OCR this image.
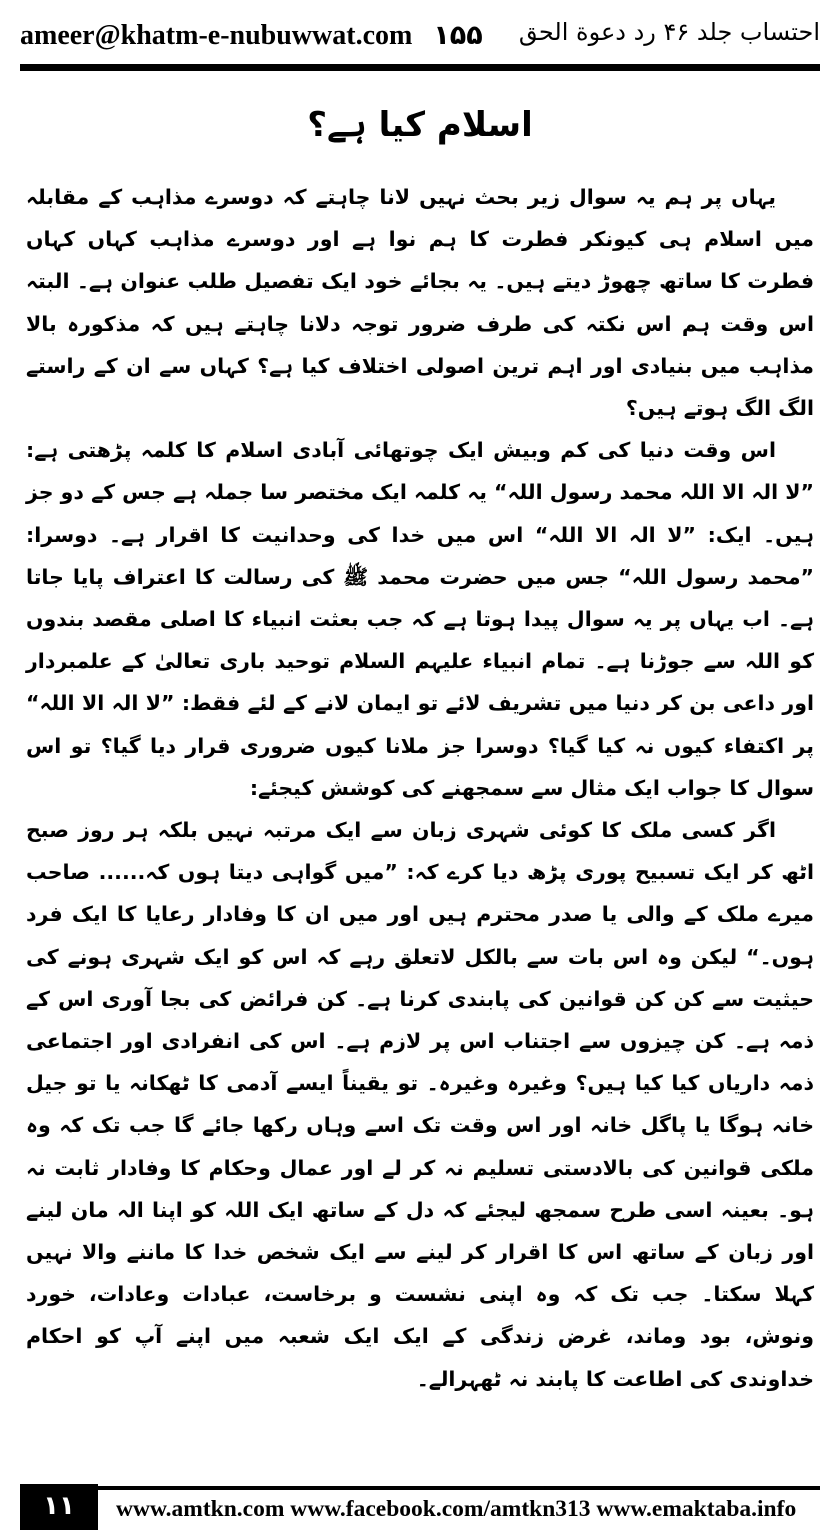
ameer@khatm-e-nubuwwat.com ۱۵۵ احتساب جلد ۴۶ رد دعوة الحق
اسلام کیا ہے؟

یہاں پر ہم یہ سوال زیر بحث نہیں لانا چاہتے کہ دوسرے مذاہب کے مقابلہ میں اسلام ہی کیونکر فطرت کا ہم نوا ہے اور دوسرے مذاہب کہاں کہاں فطرت کا ساتھ چھوڑ دیتے ہیں۔ یہ بجائے خود ایک تفصیل طلب عنوان ہے۔ البتہ اس وقت ہم اس نکتہ کی طرف ضرور توجہ دلانا چاہتے ہیں کہ مذکورہ بالا مذاہب میں بنیادی اور اہم ترین اصولی اختلاف کیا ہے؟ کہاں سے ان کے راستے الگ الگ ہوتے ہیں؟

اس وقت دنیا کی کم وبیش ایک چوتھائی آبادی اسلام کا کلمہ پڑھتی ہے: ”لا الہ الا اللہ محمد رسول اللہ“ یہ کلمہ ایک مختصر سا جملہ ہے جس کے دو جز ہیں۔ ایک: ”لا الہ الا اللہ“ اس میں خدا کی وحدانیت کا اقرار ہے۔ دوسرا: ”محمد رسول اللہ“ جس میں حضرت محمد ﷺ کی رسالت کا اعتراف پایا جاتا ہے۔ اب یہاں پر یہ سوال پیدا ہوتا ہے کہ جب بعثت انبیاء کا اصلی مقصد بندوں کو اللہ سے جوڑنا ہے۔ تمام انبیاء علیہم السلام توحید باری تعالیٰ کے علمبردار اور داعی بن کر دنیا میں تشریف لائے تو ایمان لانے کے لئے فقط: ”لا الہ الا اللہ“ پر اکتفاء کیوں نہ کیا گیا؟ دوسرا جز ملانا کیوں ضروری قرار دیا گیا؟ تو اس سوال کا جواب ایک مثال سے سمجھنے کی کوشش کیجئے:

اگر کسی ملک کا کوئی شہری زبان سے ایک مرتبہ نہیں بلکہ ہر روز صبح اٹھ کر ایک تسبیح پوری پڑھ دیا کرے کہ: ”میں گواہی دیتا ہوں کہ...... صاحب میرے ملک کے والی یا صدر محترم ہیں اور میں ان کا وفادار رعایا کا ایک فرد ہوں۔“ لیکن وہ اس بات سے بالکل لاتعلق رہے کہ اس کو ایک شہری ہونے کی حیثیت سے کن کن قوانین کی پابندی کرنا ہے۔ کن فرائض کی بجا آوری اس کے ذمہ ہے۔ کن چیزوں سے اجتناب اس پر لازم ہے۔ اس کی انفرادی اور اجتماعی ذمہ داریاں کیا کیا ہیں؟ وغیرہ وغیرہ۔ تو یقیناً ایسے آدمی کا ٹھکانہ یا تو جیل خانہ ہوگا یا پاگل خانہ اور اس وقت تک اسے وہاں رکھا جائے گا جب تک کہ وہ ملکی قوانین کی بالادستی تسلیم نہ کر لے اور عمال وحکام کا وفادار ثابت نہ ہو۔ بعینہ اسی طرح سمجھ لیجئے کہ دل کے ساتھ ایک اللہ کو اپنا الہ مان لینے اور زبان کے ساتھ اس کا اقرار کر لینے سے ایک شخص خدا کا ماننے والا نہیں کہلا سکتا۔ جب تک کہ وہ اپنی نشست و برخاست، عبادات وعادات، خورد ونوش، بود وماند، غرض زندگی کے ایک ایک شعبہ میں اپنے آپ کو احکام خداوندی کی اطاعت کا پابند نہ ٹھہرالے۔

۱۱	www.amtkn.com www.facebook.com/amtkn313 www.emaktaba.info
